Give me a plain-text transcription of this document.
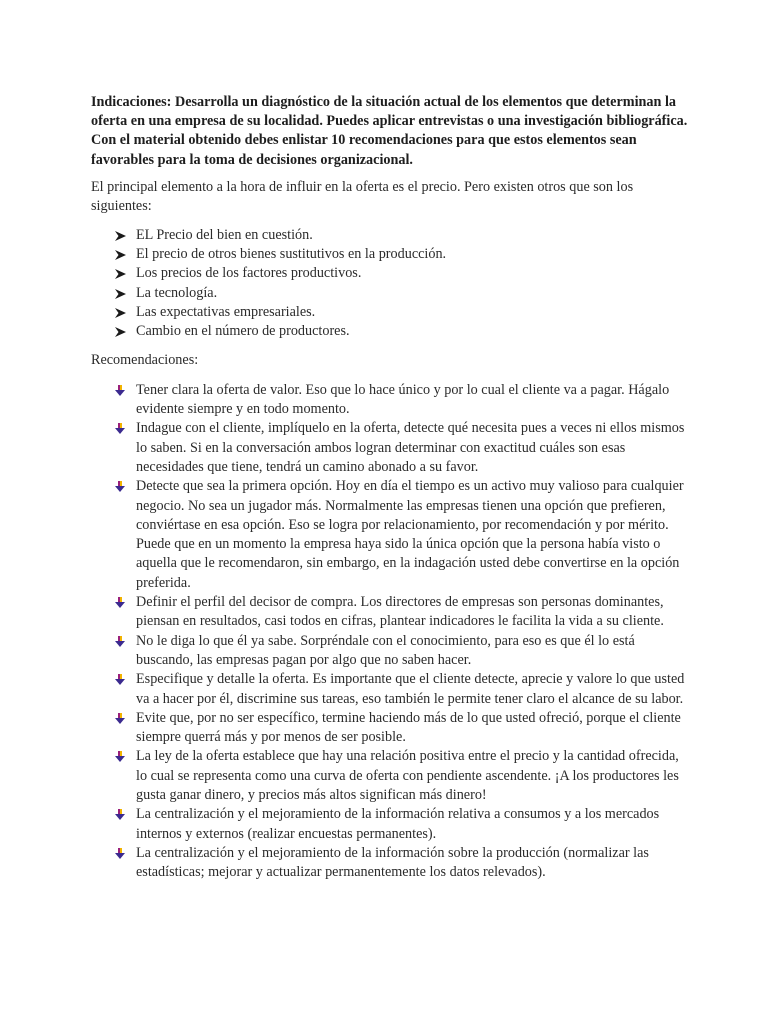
Indicaciones: Desarrolla un diagnóstico de la situación actual de los elementos que determinan la oferta en una empresa de su localidad. Puedes aplicar entrevistas o una investigación bibliográfica. Con el material obtenido debes enlistar 10 recomendaciones para que estos elementos sean favorables para la toma de decisiones organizacional.

El principal elemento a la hora de influir en la oferta es el precio. Pero existen otros que son los siguientes:

EL Precio del bien en cuestión.
El precio de otros bienes sustitutivos en la producción.
Los precios de los factores productivos.
La tecnología.
Las expectativas empresariales.
Cambio en el número de productores.

Recomendaciones:

Tener clara la oferta de valor. Eso que lo hace único y por lo cual el cliente va a pagar. Hágalo evidente siempre y en todo momento.
Indague con el cliente, implíquelo en la oferta, detecte qué necesita pues a veces ni ellos mismos lo saben. Si en la conversación ambos logran determinar con exactitud cuáles son esas necesidades que tiene, tendrá un camino abonado a su favor.
Detecte que sea la primera opción. Hoy en día el tiempo es un activo muy valioso para cualquier negocio. No sea un jugador más. Normalmente las empresas tienen una opción que prefieren, conviértase en esa opción. Eso se logra por relacionamiento, por recomendación y por mérito. Puede que en un momento la empresa haya sido la única opción que la persona había visto o aquella que le recomendaron, sin embargo, en la indagación usted debe convertirse en la opción preferida.
Definir el perfil del decisor de compra. Los directores de empresas son personas dominantes, piensan en resultados, casi todos en cifras, plantear indicadores le facilita la vida a su cliente.
No le diga lo que él ya sabe. Sorpréndale con el conocimiento, para eso es que él lo está buscando, las empresas pagan por algo que no saben hacer.
Especifique y detalle la oferta. Es importante que el cliente detecte, aprecie y valore lo que usted va a hacer por él, discrimine sus tareas, eso también le permite tener claro el alcance de su labor.
Evite que, por no ser específico, termine haciendo más de lo que usted ofreció, porque el cliente siempre querrá más y por menos de ser posible.
La ley de la oferta establece que hay una relación positiva entre el precio y la cantidad ofrecida, lo cual se representa como una curva de oferta con pendiente ascendente. ¡A los productores les gusta ganar dinero, y precios más altos significan más dinero!
La centralización y el mejoramiento de la información relativa a consumos y a los mercados internos y externos (realizar encuestas permanentes).
La centralización y el mejoramiento de la información sobre la producción (normalizar las estadísticas; mejorar y actualizar permanentemente los datos relevados).
